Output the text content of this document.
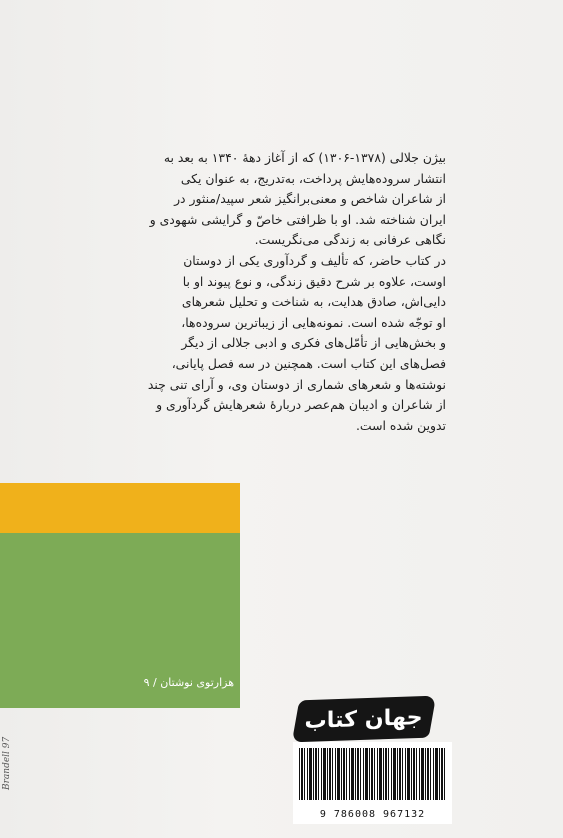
بیژن جلالی (۱۳۷۸-۱۳۰۶) که از آغاز دهۀ ۱۳۴۰ به بعد به
انتشار سروده‌هایش پرداخت، به‌تدریج، به عنوان یکی
از شاعران شاخص و معنی‌برانگیز شعر سپید/منثور در
ایران شناخته شد. او با ظرافتی خاصّ و گرایشی شهودی و
نگاهی عرفانی به زندگی می‌نگریست.
در کتاب حاضر، که تألیف و گردآوری یکی از دوستان
اوست، علاوه بر شرح دقیق زندگی، و نوع پیوند او با
دایی‌اش، صادق هدایت، به شناخت و تحلیل شعرهای
او توجّه شده است. نمونه‌هایی از زیباترین سروده‌ها،
و بخش‌هایی از تأمّل‌های فکری و ادبی جلالی از دیگر
فصل‌های این کتاب است. همچنین در سه فصل پایانی،
نوشته‌ها و شعرهای شماری از دوستان وی، و آرای تنی چند
از شاعران و ادیبان هم‌عصر دربارۀ شعرهایش گردآوری و
تدوین شده است.
هزارتوی نوشتان / ۹
جهان کتاب
9 786008 967132
Brandell 97
